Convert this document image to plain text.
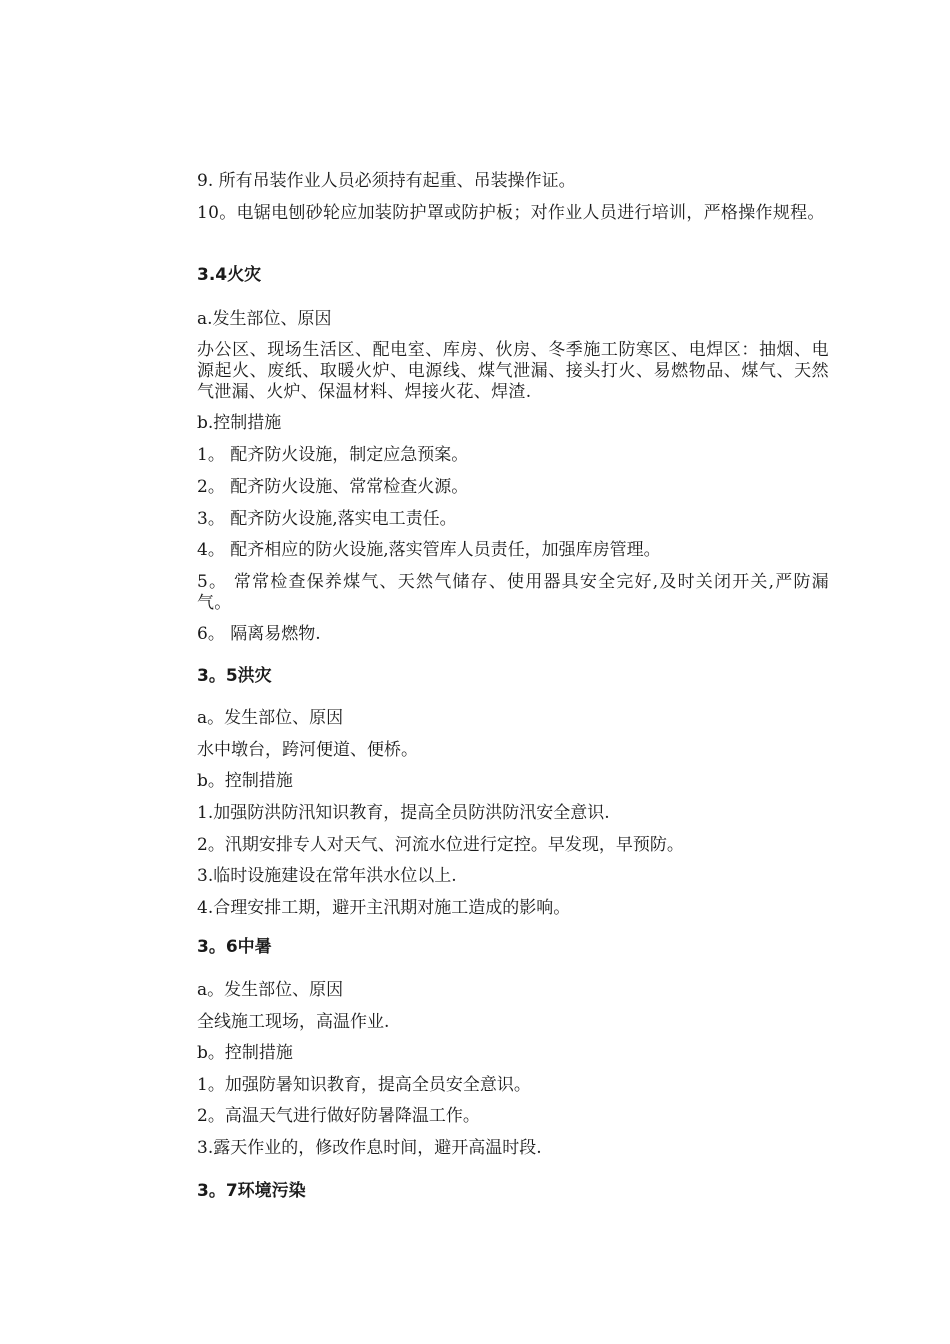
9. 所有吊装作业人员必须持有起重、吊装操作证。
10。电锯电刨砂轮应加装防护罩或防护板；对作业人员进行培训，严格操作规程。
3.4火灾
a.发生部位、原因
办公区、现场生活区、配电室、库房、伙房、冬季施工防寒区、电焊区：抽烟、电源起火、废纸、取暖火炉、电源线、煤气泄漏、接头打火、易燃物品、煤气、天然气泄漏、火炉、保温材料、焊接火花、焊渣.
b.控制措施
1。 配齐防火设施，制定应急预案。
2。 配齐防火设施、常常检查火源。
3。 配齐防火设施,落实电工责任。
4。 配齐相应的防火设施,落实管库人员责任，加强库房管理。
5。 常常检查保养煤气、天然气储存、使用器具安全完好,及时关闭开关,严防漏气。
6。 隔离易燃物.
3。5洪灾
a。发生部位、原因
水中墩台，跨河便道、便桥。
b。控制措施
1.加强防洪防汛知识教育，提高全员防洪防汛安全意识.
2。汛期安排专人对天气、河流水位进行定控。早发现，早预防。
3.临时设施建设在常年洪水位以上.
4.合理安排工期，避开主汛期对施工造成的影响。
3。6中暑
a。发生部位、原因
全线施工现场，高温作业.
b。控制措施
1。加强防暑知识教育，提高全员安全意识。
2。高温天气进行做好防暑降温工作。
3.露天作业的，修改作息时间，避开高温时段.
3。7环境污染
